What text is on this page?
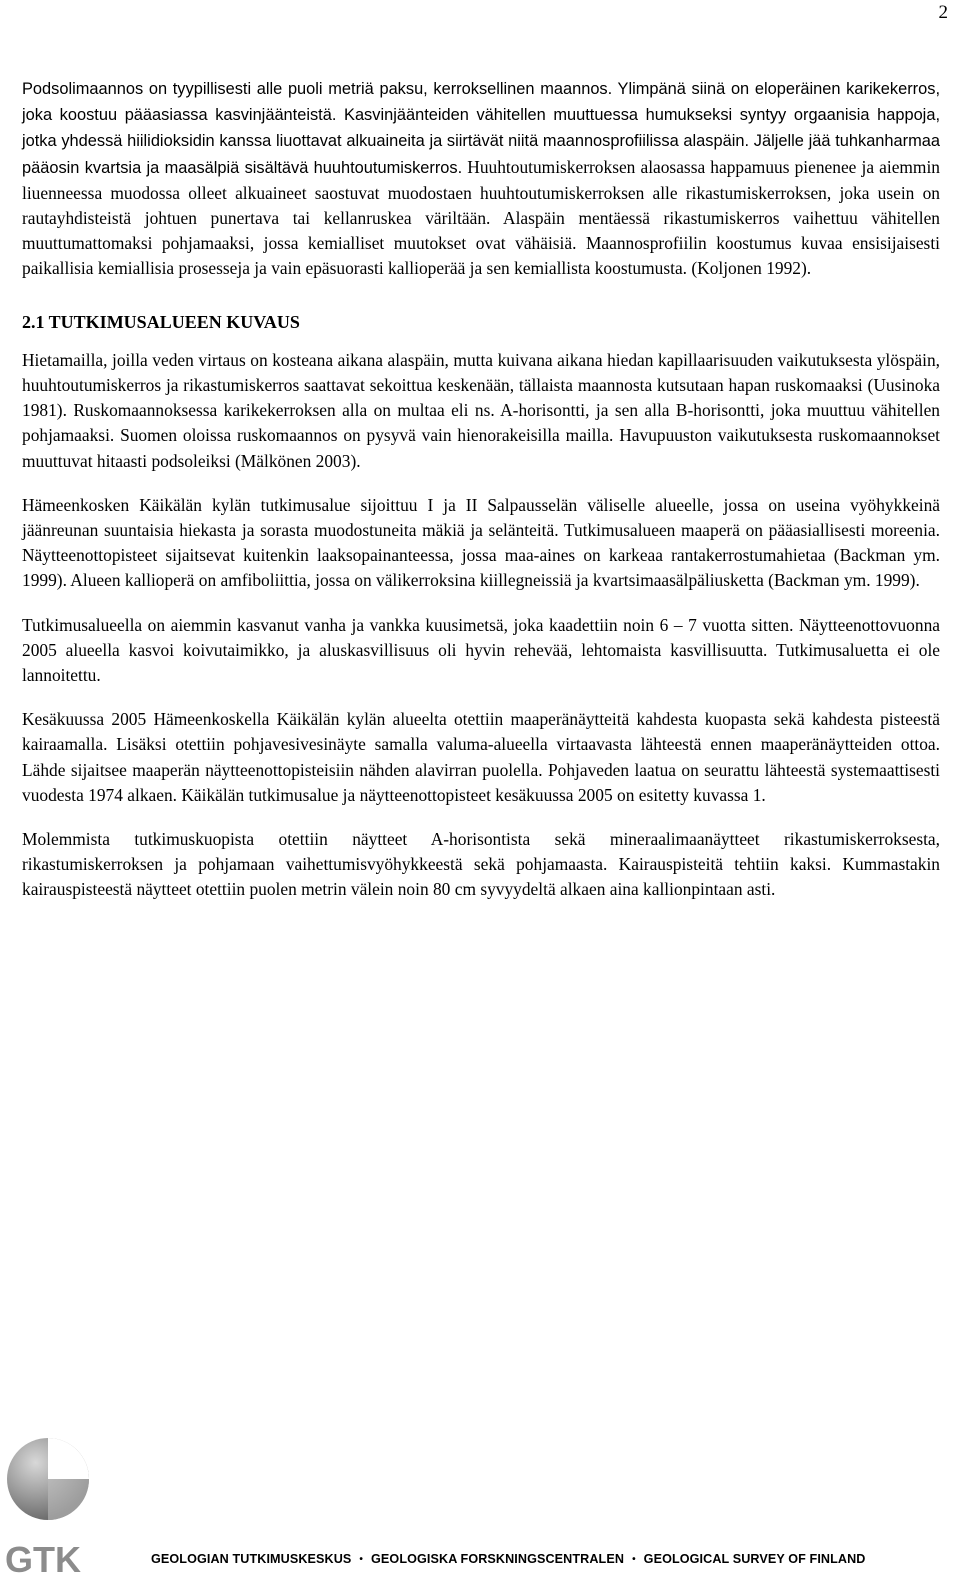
2

Podsolimaannos on tyypillisesti alle puoli metriä paksu, kerroksellinen maannos. Ylimpänä siinä on eloperäinen karikekerros, joka koostuu pääasiassa kasvinjäänteistä. Kasvinjäänteiden vähitellen muuttuessa humukseksi syntyy orgaanisia happoja, jotka yhdessä hiilidioksidin kanssa liuottavat alkuaineita ja siirtävät niitä maannosprofiilissa alaspäin. Jäljelle jää tuhkanharmaa pääosin kvartsia ja maasälpiä sisältävä huuhtoutumiskerros. Huuhtoutumiskerroksen alaosassa happamuus pienenee ja aiemmin liuenneessa muodossa olleet alkuaineet saostuvat muodostaen huuhtoutumiskerroksen alle rikastumiskerroksen, joka usein on rautayhdisteistä johtuen punertava tai kellanruskea väriltään. Alaspäin mentäessä rikastumiskerros vaihettuu vähitellen muuttumattomaksi pohjamaaksi, jossa kemialliset muutokset ovat vähäisiä. Maannosprofiilin koostumus kuvaa ensisijaisesti paikallisia kemiallisia prosesseja ja vain epäsuorasti kallioperää ja sen kemiallista koostumusta. (Koljonen 1992).

2.1 TUTKIMUSALUEEN KUVAUS

Hietamailla, joilla veden virtaus on kosteana aikana alaspäin, mutta kuivana aikana hiedan kapillaarisuuden vaikutuksesta ylöspäin, huuhtoutumiskerros ja rikastumiskerros saattavat sekoittua keskenään, tällaista maannosta kutsutaan hapan ruskomaaksi (Uusinoka 1981). Ruskomaannoksessa karikekerroksen alla on multaa eli ns. A-horisontti, ja sen alla B-horisontti, joka muuttuu vähitellen pohjamaaksi. Suomen oloissa ruskomaannos on pysyvä vain hienorakeisilla mailla. Havupuuston vaikutuksesta ruskomaannokset muuttuvat hitaasti podsoleiksi (Mälkönen 2003).

Hämeenkosken Käikälän kylän tutkimusalue sijoittuu I ja II Salpausselän väliselle alueelle, jossa on useina vyöhykkeinä jäänreunan suuntaisia hiekasta ja sorasta muodostuneita mäkiä ja selänteitä. Tutkimusalueen maaperä on pääasiallisesti moreenia. Näytteenottopisteet sijaitsevat kuitenkin laaksopainanteessa, jossa maa-aines on karkeaa rantakerrostumahietaa (Backman ym. 1999). Alueen kallioperä on amfiboliittia, jossa on välikerroksina kiillegneissiä ja kvartsimaasälpäliusketta (Backman ym. 1999).

Tutkimusalueella on aiemmin kasvanut vanha ja vankka kuusimetsä, joka kaadettiin noin 6 – 7 vuotta sitten. Näytteenottovuonna 2005 alueella kasvoi koivutaimikko, ja aluskasvillisuus oli hyvin rehevää, lehtomaista kasvillisuutta. Tutkimusaluetta ei ole lannoitettu.

Kesäkuussa 2005 Hämeenkoskella Käikälän kylän alueelta otettiin maaperänäytteitä kahdesta kuopasta sekä kahdesta pisteestä kairaamalla. Lisäksi otettiin pohjavesivesinäyte samalla valuma-alueella virtaavasta lähteestä ennen maaperänäytteiden ottoa. Lähde sijaitsee maaperän näytteenottopisteisiin nähden alavirran puolella. Pohjaveden laatua on seurattu lähteestä systemaattisesti vuodesta 1974 alkaen. Käikälän tutkimusalue ja näytteenottopisteet kesäkuussa 2005 on esitetty kuvassa 1.

Molemmista tutkimuskuopista otettiin näytteet A-horisontista sekä mineraalimaanäytteet rikastumiskerroksesta, rikastumiskerroksen ja pohjamaan vaihettumisvyöhykkeestä sekä pohjamaasta. Kairauspisteitä tehtiin kaksi. Kummastakin kairauspisteestä näytteet otettiin puolen metrin välein noin 80 cm syvyydeltä alkaen aina kallionpintaan asti.

GTK	GEOLOGIAN TUTKIMUSKESKUS • GEOLOGISKA FORSKNINGSCENTRALEN • GEOLOGICAL SURVEY OF FINLAND
